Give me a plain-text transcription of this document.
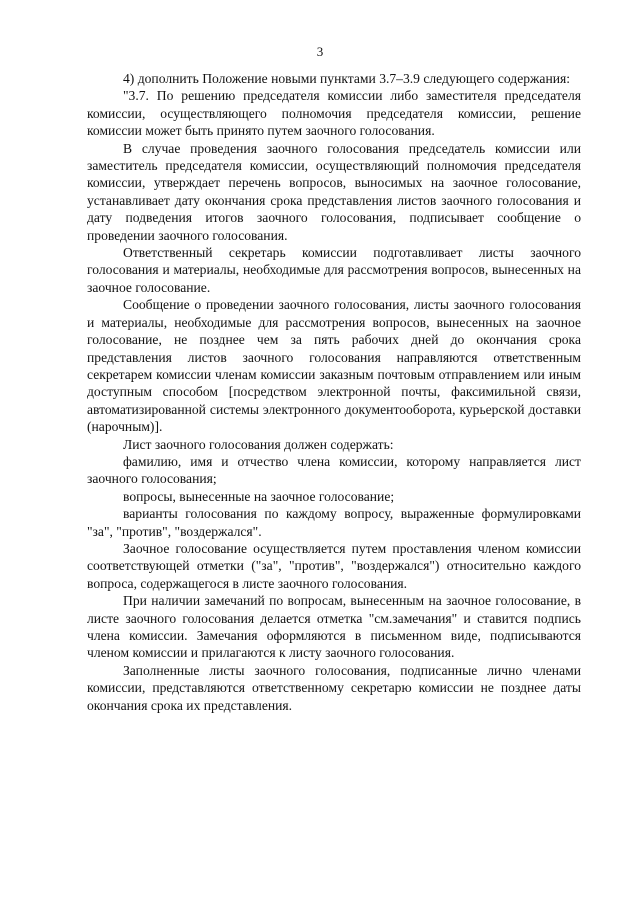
3

4) дополнить Положение новыми пунктами 3.7–3.9 следующего содержания:

"3.7. По решению председателя комиссии либо заместителя председателя комиссии, осуществляющего полномочия председателя комиссии, решение комиссии может быть принято путем заочного голосования.

В случае проведения заочного голосования председатель комиссии или заместитель председателя комиссии, осуществляющий полномочия председателя комиссии, утверждает перечень вопросов, выносимых на заочное голосование, устанавливает дату окончания срока представления листов заочного голосования и дату подведения итогов заочного голосования, подписывает сообщение о проведении заочного голосования.

Ответственный секретарь комиссии подготавливает листы заочного голосования и материалы, необходимые для рассмотрения вопросов, вынесенных на заочное голосование.

Сообщение о проведении заочного голосования, листы заочного голосования и материалы, необходимые для рассмотрения вопросов, вынесенных на заочное голосование, не позднее чем за пять рабочих дней до окончания срока представления листов заочного голосования направляются ответственным секретарем комиссии членам комиссии заказным почтовым отправлением или иным доступным способом [посредством электронной почты, факсимильной связи, автоматизированной системы электронного документооборота, курьерской доставки (нарочным)].

Лист заочного голосования должен содержать:

фамилию, имя и отчество члена комиссии, которому направляется лист заочного голосования;

вопросы, вынесенные на заочное голосование;

варианты голосования по каждому вопросу, выраженные формулировками "за", "против", "воздержался".

Заочное голосование осуществляется путем проставления членом комиссии соответствующей отметки ("за", "против", "воздержался") относительно каждого вопроса, содержащегося в листе заочного голосования.

При наличии замечаний по вопросам, вынесенным на заочное голосование, в листе заочного голосования делается отметка "см.замечания" и ставится подпись члена комиссии. Замечания оформляются в письменном виде, подписываются членом комиссии и прилагаются к листу заочного голосования.

Заполненные листы заочного голосования, подписанные лично членами комиссии, представляются ответственному секретарю комиссии не позднее даты окончания срока их представления.
